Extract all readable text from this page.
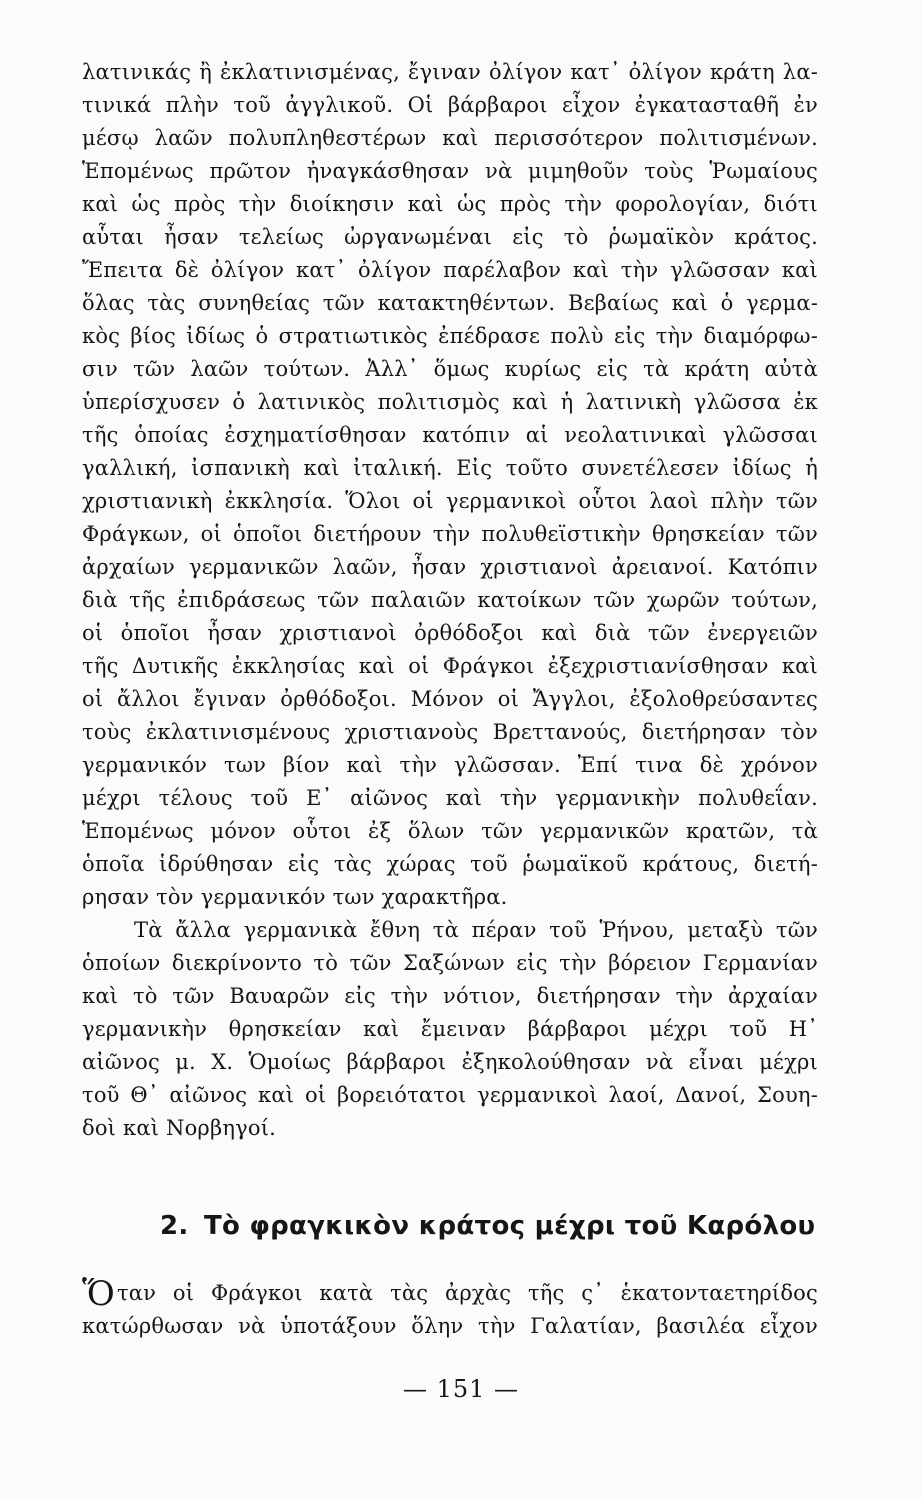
λατινικάς ἢ ἐκλατινισμένας, ἔγιναν ὀλίγον κατ᾿ ὀλίγον κράτη λα-
τινικά πλὴν τοῦ ἀγγλικοῦ. Οἱ βάρβαροι εἶχον ἐγκατασταθῆ ἐν
μέσῳ λαῶν πολυπληθεστέρων καὶ περισσότερον πολιτισμένων.
Ἑπομένως πρῶτον ἠναγκάσθησαν νὰ μιμηθοῦν τοὺς Ῥωμαίους
καὶ ὡς πρὸς τὴν διοίκησιν καὶ ὡς πρὸς τὴν φορολογίαν, διότι
αὗται ἦσαν τελείως ὠργανωμέναι εἰς τὸ ῥωμαϊκὸν κράτος.
Ἔπειτα δὲ ὀλίγον κατ᾿ ὀλίγον παρέλαβον καὶ τὴν γλῶσσαν καὶ
ὅλας τὰς συνηθείας τῶν κατακτηθέντων. Βεβαίως καὶ ὁ γερμα-
κὸς βίος ἰδίως ὁ στρατιωτικὸς ἐπέδρασε πολὺ εἰς τὴν διαμόρφω-
σιν τῶν λαῶν τούτων. Ἀλλ᾿ ὅμως κυρίως εἰς τὰ κράτη αὐτὰ
ὑπερίσχυσεν ὁ λατινικὸς πολιτισμὸς καὶ ἡ λατινικὴ γλῶσσα ἐκ
τῆς ὁποίας ἐσχηματίσθησαν κατόπιν αἱ νεολατινικαὶ γλῶσσαι
γαλλική, ἰσπανικὴ καὶ ἰταλική. Εἰς τοῦτο συνετέλεσεν ἰδίως ἡ
χριστιανικὴ ἐκκλησία. Ὅλοι οἱ γερμανικοὶ οὗτοι λαοὶ πλὴν τῶν
Φράγκων, οἱ ὁποῖοι διετήρουν τὴν πολυθεϊστικὴν θρησκείαν τῶν
ἀρχαίων γερμανικῶν λαῶν, ἦσαν χριστιανοὶ ἀρειανοί. Κατόπιν
διὰ τῆς ἐπιδράσεως τῶν παλαιῶν κατοίκων τῶν χωρῶν τούτων,
οἱ ὁποῖοι ἦσαν χριστιανοὶ ὀρθόδοξοι καὶ διὰ τῶν ἐνεργειῶν
τῆς Δυτικῆς ἐκκλησίας καὶ οἱ Φράγκοι ἐξεχριστιανίσθησαν καὶ
οἱ ἄλλοι ἔγιναν ὀρθόδοξοι. Μόνον οἱ Ἄγγλοι, ἐξολοθρεύσαντες
τοὺς ἐκλατινισμένους χριστιανοὺς Βρεττανούς, διετήρησαν τὸν
γερμανικόν των βίον καὶ τὴν γλῶσσαν. Ἐπί τινα δὲ χρόνον
μέχρι τέλους τοῦ Ε᾿ αἰῶνος καὶ τὴν γερμανικὴν πολυθεΐαν.
Ἑπομένως μόνον οὗτοι ἐξ ὅλων τῶν γερμανικῶν κρατῶν, τὰ
ὁποῖα ἱδρύθησαν εἰς τὰς χώρας τοῦ ῥωμαϊκοῦ κράτους, διετή-
ρησαν τὸν γερμανικόν των χαρακτῆρα.
Τὰ ἄλλα γερμανικὰ ἔθνη τὰ πέραν τοῦ Ῥήνου, μεταξὺ τῶν
ὁποίων διεκρίνοντο τὸ τῶν Σαξώνων εἰς τὴν βόρειον Γερμανίαν
καὶ τὸ τῶν Βαυαρῶν εἰς τὴν νότιον, διετήρησαν τὴν ἀρχαίαν
γερμανικὴν θρησκείαν καὶ ἔμειναν βάρβαροι μέχρι τοῦ Η᾿
αἰῶνος μ. Χ. Ὁμοίως βάρβαροι ἐξηκολούθησαν νὰ εἶναι μέχρι
τοῦ Θ᾿ αἰῶνος καὶ οἱ βορειότατοι γερμανικοὶ λαοί, Δανοί, Σουη-
δοὶ καὶ Νορβηγοί.
2. Τὸ φραγκικὸν κράτος μέχρι τοῦ Καρόλου
Ὅταν οἱ Φράγκοι κατὰ τὰς ἀρχὰς τῆς ς᾿ ἑκατονταετηρίδος
κατώρθωσαν νὰ ὑποτάξουν ὅλην τὴν Γαλατίαν, βασιλέα εἶχον
— 151 —
